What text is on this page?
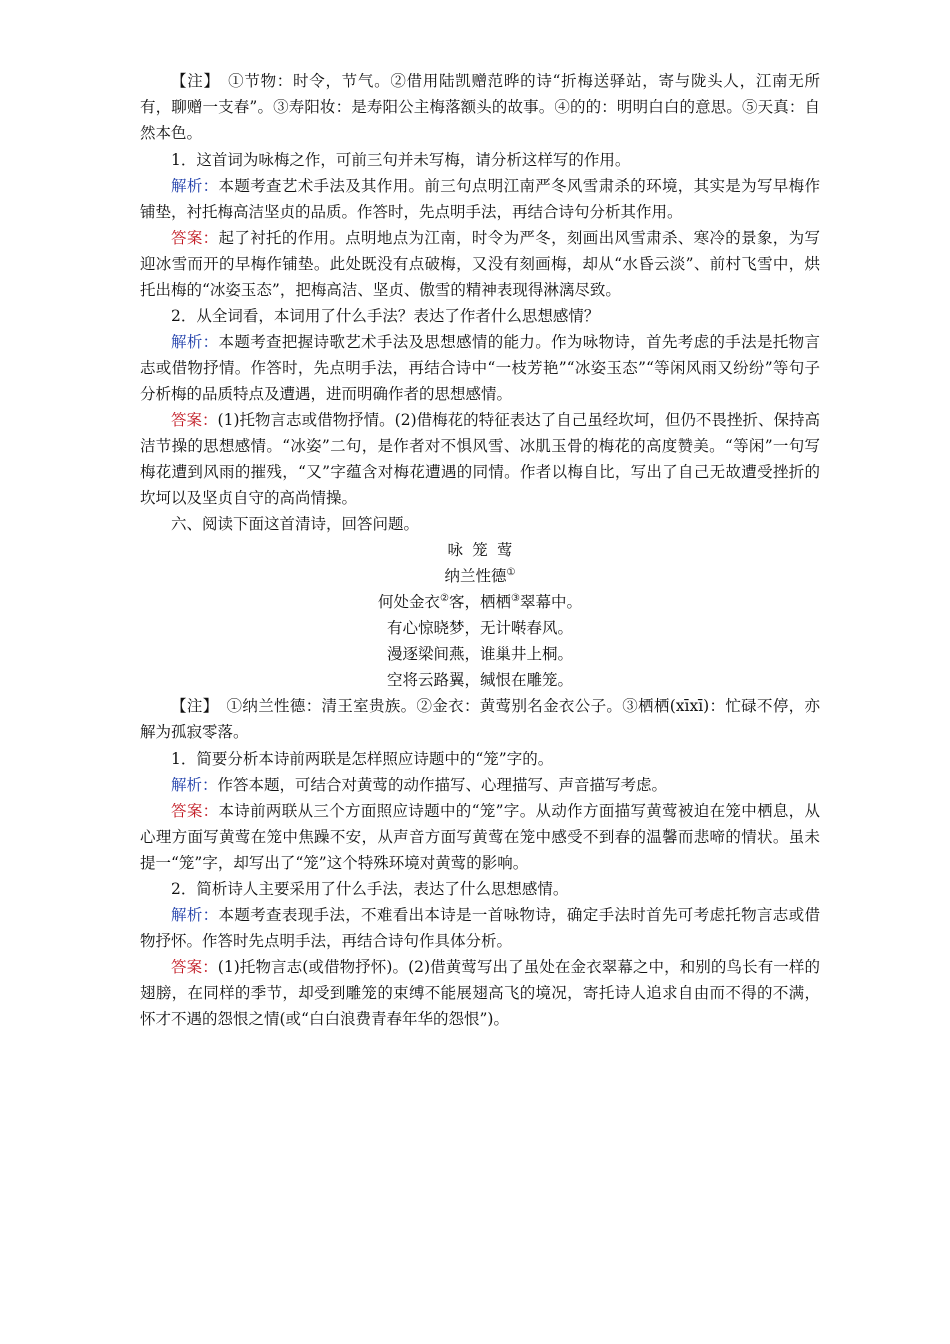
【注】　①节物：时令，节气。②借用陆凯赠范晔的诗“折梅送驿站，寄与陇头人，江南无所有，聊赠一支春”。③寿阳妆：是寿阳公主梅落额头的故事。④的的：明明白白的意思。⑤天真：自然本色。

1．这首词为咏梅之作，可前三句并未写梅，请分析这样写的作用。

解析：本题考查艺术手法及其作用。前三句点明江南严冬风雪肃杀的环境，其实是为写早梅作铺垫，衬托梅高洁坚贞的品质。作答时，先点明手法，再结合诗句分析其作用。

答案：起了衬托的作用。点明地点为江南，时令为严冬，刻画出风雪肃杀、寒冷的景象，为写迎冰雪而开的早梅作铺垫。此处既没有点破梅，又没有刻画梅，却从“水昏云淡”、前村飞雪中，烘托出梅的“冰姿玉态”，把梅高洁、坚贞、傲雪的精神表现得淋漓尽致。

2．从全词看，本词用了什么手法？表达了作者什么思想感情？

解析：本题考查把握诗歌艺术手法及思想感情的能力。作为咏物诗，首先考虑的手法是托物言志或借物抒情。作答时，先点明手法，再结合诗中“一枝芳艳”“冰姿玉态”“等闲风雨又纷纷”等句子分析梅的品质特点及遭遇，进而明确作者的思想感情。

答案：(1)托物言志或借物抒情。(2)借梅花的特征表达了自己虽经坎坷，但仍不畏挫折、保持高洁节操的思想感情。“冰姿”二句，是作者对不惧风雪、冰肌玉骨的梅花的高度赞美。“等闲”一句写梅花遭到风雨的摧残，“又”字蕴含对梅花遭遇的同情。作者以梅自比，写出了自己无故遭受挫折的坎坷以及坚贞自守的高尚情操。

六、阅读下面这首清诗，回答问题。

咏笼莺

纳兰性德①

何处金衣②客，栖栖③翠幕中。

有心惊晓梦，无计啭春风。

漫逐梁间燕，谁巢井上桐。

空将云路翼，缄恨在雕笼。

【注】　①纳兰性德：清王室贵族。②金衣：黄莺别名金衣公子。③栖栖(xīxī)：忙碌不停，亦解为孤寂零落。

1．简要分析本诗前两联是怎样照应诗题中的“笼”字的。

解析：作答本题，可结合对黄莺的动作描写、心理描写、声音描写考虑。

答案：本诗前两联从三个方面照应诗题中的“笼”字。从动作方面描写黄莺被迫在笼中栖息，从心理方面写黄莺在笼中焦躁不安，从声音方面写黄莺在笼中感受不到春的温馨而悲啼的情状。虽未提一“笼”字，却写出了“笼”这个特殊环境对黄莺的影响。

2．简析诗人主要采用了什么手法，表达了什么思想感情。

解析：本题考查表现手法，不难看出本诗是一首咏物诗，确定手法时首先可考虑托物言志或借物抒怀。作答时先点明手法，再结合诗句作具体分析。

答案：(1)托物言志(或借物抒怀)。(2)借黄莺写出了虽处在金衣翠幕之中，和别的鸟长有一样的翅膀，在同样的季节，却受到雕笼的束缚不能展翅高飞的境况，寄托诗人追求自由而不得的不满，怀才不遇的怨恨之情(或“白白浪费青春年华的怨恨”)。
